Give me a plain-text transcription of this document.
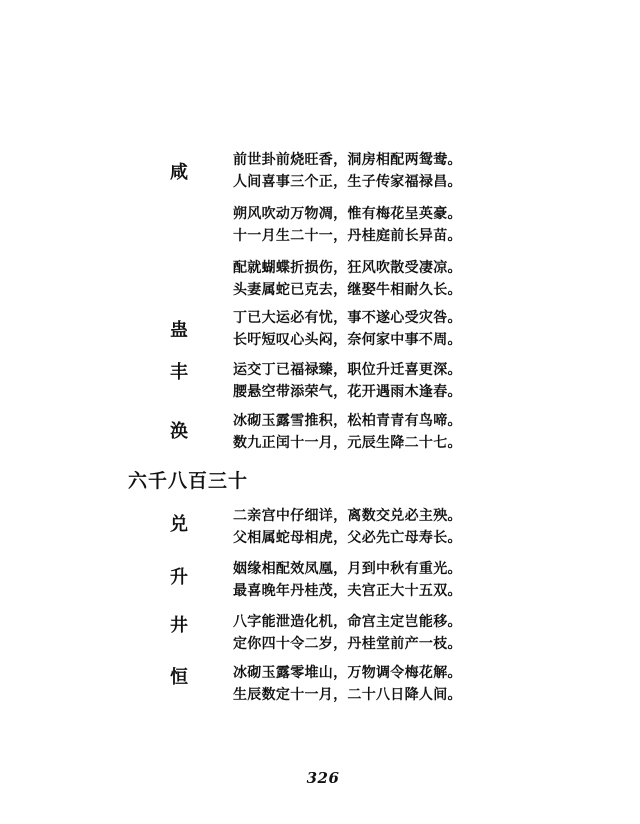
咸
前世卦前烧旺香，洞房相配两鸳鸯。
人间喜事三个正，生子传家福禄昌。
朔风吹动万物凋，惟有梅花呈英豪。
十一月生二十一，丹桂庭前长异苗。
配就蝴蝶折损伤，狂风吹散受凄凉。
头妻属蛇已克去，继娶牛相耐久长。
蛊
丁已大运必有忧，事不遂心受灾咎。
长吁短叹心头闷，奈何家中事不周。
丰	运交丁已福禄臻，职位升迁喜更深。
腰悬空带添荣气，花开遇雨木逢春。
涣	冰砌玉露雪推积，松柏青青有鸟啼。
数九正闰十一月，元辰生降二十七。
六千八百三十
兑	二亲宫中仔细详，离数交兑必主殃。
父相属蛇母相虎，父必先亡母寿长。
升	姻缘相配效凤凰，月到中秋有重光。
最喜晚年丹桂茂，夫宫正大十五双。
井	八字能泄造化机，命宫主定岂能移。
定你四十令二岁，丹桂堂前产一枝。
恒	冰砌玉露零堆山，万物调令梅花解。
生辰数定十一月，二十八日降人间。
326
